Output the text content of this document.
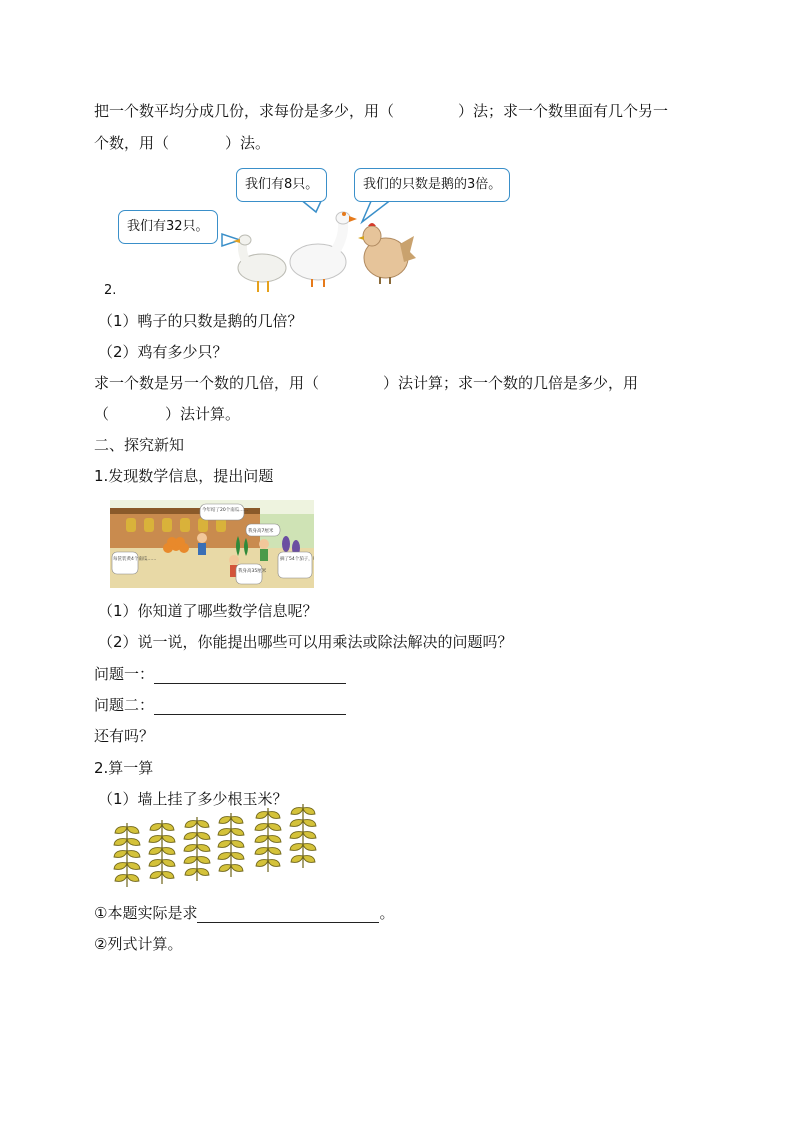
把一个数平均分成几份，求每份是多少，用（	）法；求一个数里面有几个另一
个数，用（	）法。
我们有8只。	我们的只数是鹅的3倍。
我们有32只。
2.
（1）鸭子的只数是鹅的几倍？
（2）鸡有多少只？
求一个数是另一个数的几倍，用（	）法计算；求一个数的几倍是多少，用
（	）法计算。
二、探究新知
1.发现数学信息，提出问题
今年结了20个南瓜……
我身高7厘米
摘了54个茄子，每盘装6个……
我身高35厘米
每筐装黄4个南瓜……
（1）你知道了哪些数学信息呢？
（2）说一说，你能提出哪些可以用乘法或除法解决的问题吗？
问题一：
问题二：
还有吗？
2.算一算
（1）墙上挂了多少根玉米？
①本题实际是求	。
②列式计算。
